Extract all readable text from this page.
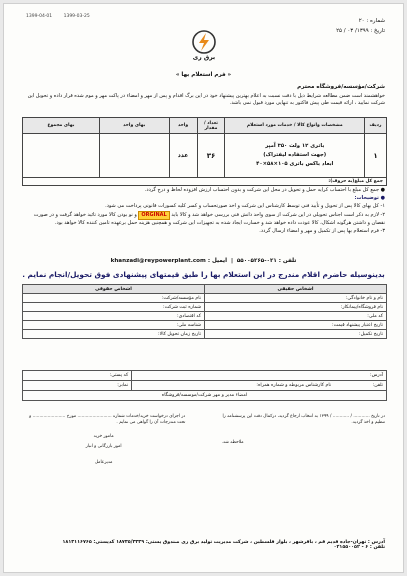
1399-04-01	1399-03-25
شماره : ۲۰
تاریخ : ۱۳۹۹/ ۰۳ / ۲۵
برق ری
« فرم استعلام بها »
شرکت/مؤسسه/فروشگاه محترم
خواهشمند است ضمن مطالعه شرایط ذیل با دقت نسبت به اعلام بهترین پیشنهاد خود در این برگ اقدام و پس از مهر و امضاء در پاکت مهر و موم شده قرار داده و تحویل این شرکت نمایید ، ارائه قیمت طی پیش فاکتور به تنهایی مورد قبول نمی باشد.
ردیف	مشخصات وانواع کالا / خدمات مورد استعلام	تعداد / مقدار	واحد	بهای واحد	بهای مجموع
۱	باتری ۱۲ ولت ۳۵۰ آمپر
(جهت استفاده لیفتراک)
ابعاد باکس باتری ۱۰۵×۵۸×۴۰	۳۶	عدد		
جمع کل مبلغ(به حروف):					

● جمع کل مبلغ با احتساب کرایه حمل و تحویل در محل این شرکت و بدون احتساب ارزش افزوده لحاظ و درج گردد.

● توضیحات:

۱- کل بهای کالا پس از تحویل و تأیید فنی توسط کارشناس این شرکت و اخذ صورتحساب و کسر کلیه کسورات قانونی پرداخت می شود.

۲- لازم به ذکر است اجناس تحویلی در این شرکت از سوی واحد دانش فنی بررسی خواهد شد و کالا باید ORGINAL و نو بودن کالا مورد تائید خواهد گرفت و در صورت نقصان و داشتن هرگونه اشکال، کالا عودت داده خواهد شد و خسارت ایجاد شده به تجهیزات این شرکت و همچنین هزینه حمل برعهده تامین کننده کالا خواهد بود.

۳- فرم استعلام بها پس از تکمیل و مهر و امضاء ارسال گردد.

تلفن : ۰۲۱-۵۵۰۰۵۲۶۵  |  ایمیل : khanzadi@reypowerplant.com
بدینوسیله حاضرم اقلام مندرج در این استعلام بها را طبق قیمتهای پیشنهادی فوق تحویل/انجام نمایم .
اشخاص حقیقی	اشخاص حقوقی
نام و نام خانوادگی:	نام مؤسسه/شرکت:
نام فروشگاه/پیمانکار:	شماره ثبت شرکت:
کد ملی:	کد اقتصادی:
تاریخ اعتبار پیشنهاد قیمت:	شناسه ملی:
تاریخ تکمیل:	تاریخ زمان تحویل کالا:
آدرس:	کد پستی:
تلفن: نام کارشناس مربوطه و شماره همراه:	نمابر:
امضاء مدیر و مهر شرکت/موسسه/فروشگاه	

در اجرای درخواست خرید/خدمات شماره ......................... مورخ ........................ و تحت مندرجات آن را گواهی می نمایم .

مامور خرید

امور بازرگانی و انبار

مدیرعامل

در تاریخ ............ / ............ / ۱۳۹۹ به انتخاب ارجاع گردید، درکمال دقت این پرسشنامه را تنظیم و اخذ گردید.

ملاحظه شد.

آدرس : تهران-جاده قدیم قم ، باقرشهر ، بلوار فلسطین ، شرکت مدیریت تولید برق ری صندوق پستی: ۱۸۷۳۵/۳۳۳۹ کدپستی: ۱۸۱۳۱۱۶۷۶۵

تلفن : ۶ - ۰۲۱۵۵۰۰۵۲
